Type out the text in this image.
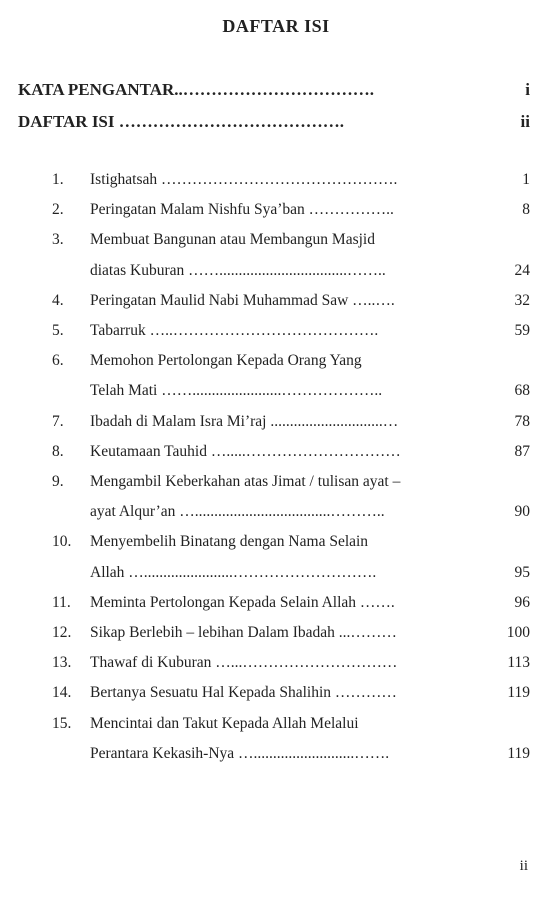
DAFTAR ISI
KATA PENGANTAR..…………………………….	i
DAFTAR ISI ………………………………….	ii
1.	Istighatsah ……………………………………….	1
2.	Peringatan Malam Nishfu Sya’ban ……………..	8
3.	Membuat Bangunan atau Membangun Masjid
diatas Kuburan …….................................……..	24
4.	Peringatan Maulid Nabi Muhammad Saw …..….	32
5.	Tabarruk …..………………………………….	59
6.	Memohon Pertolongan Kepada Orang Yang
Telah Mati …….......................………………..	68
7.	Ibadah di Malam Isra Mi’raj .............................…	78
8.	Keutamaan Tauhid ….....…………………………	87
9.	Mengambil Keberkahan atas Jimat / tulisan ayat –
ayat Alqur’an …...................................………..	90
10.	Menyembelih Binatang dengan Nama Selain
Allah ….......................……………………….	95
11.	Meminta Pertolongan Kepada Selain Allah …….	96
12.	Sikap Berlebih – lebihan Dalam Ibadah ...………	100
13.	Thawaf di Kuburan …...…………………………	113
14.	Bertanya Sesuatu Hal Kepada Shalihin …………	119
15.	Mencintai dan Takut Kepada Allah Melalui
Perantara Kekasih-Nya …..........................…….	119
ii
